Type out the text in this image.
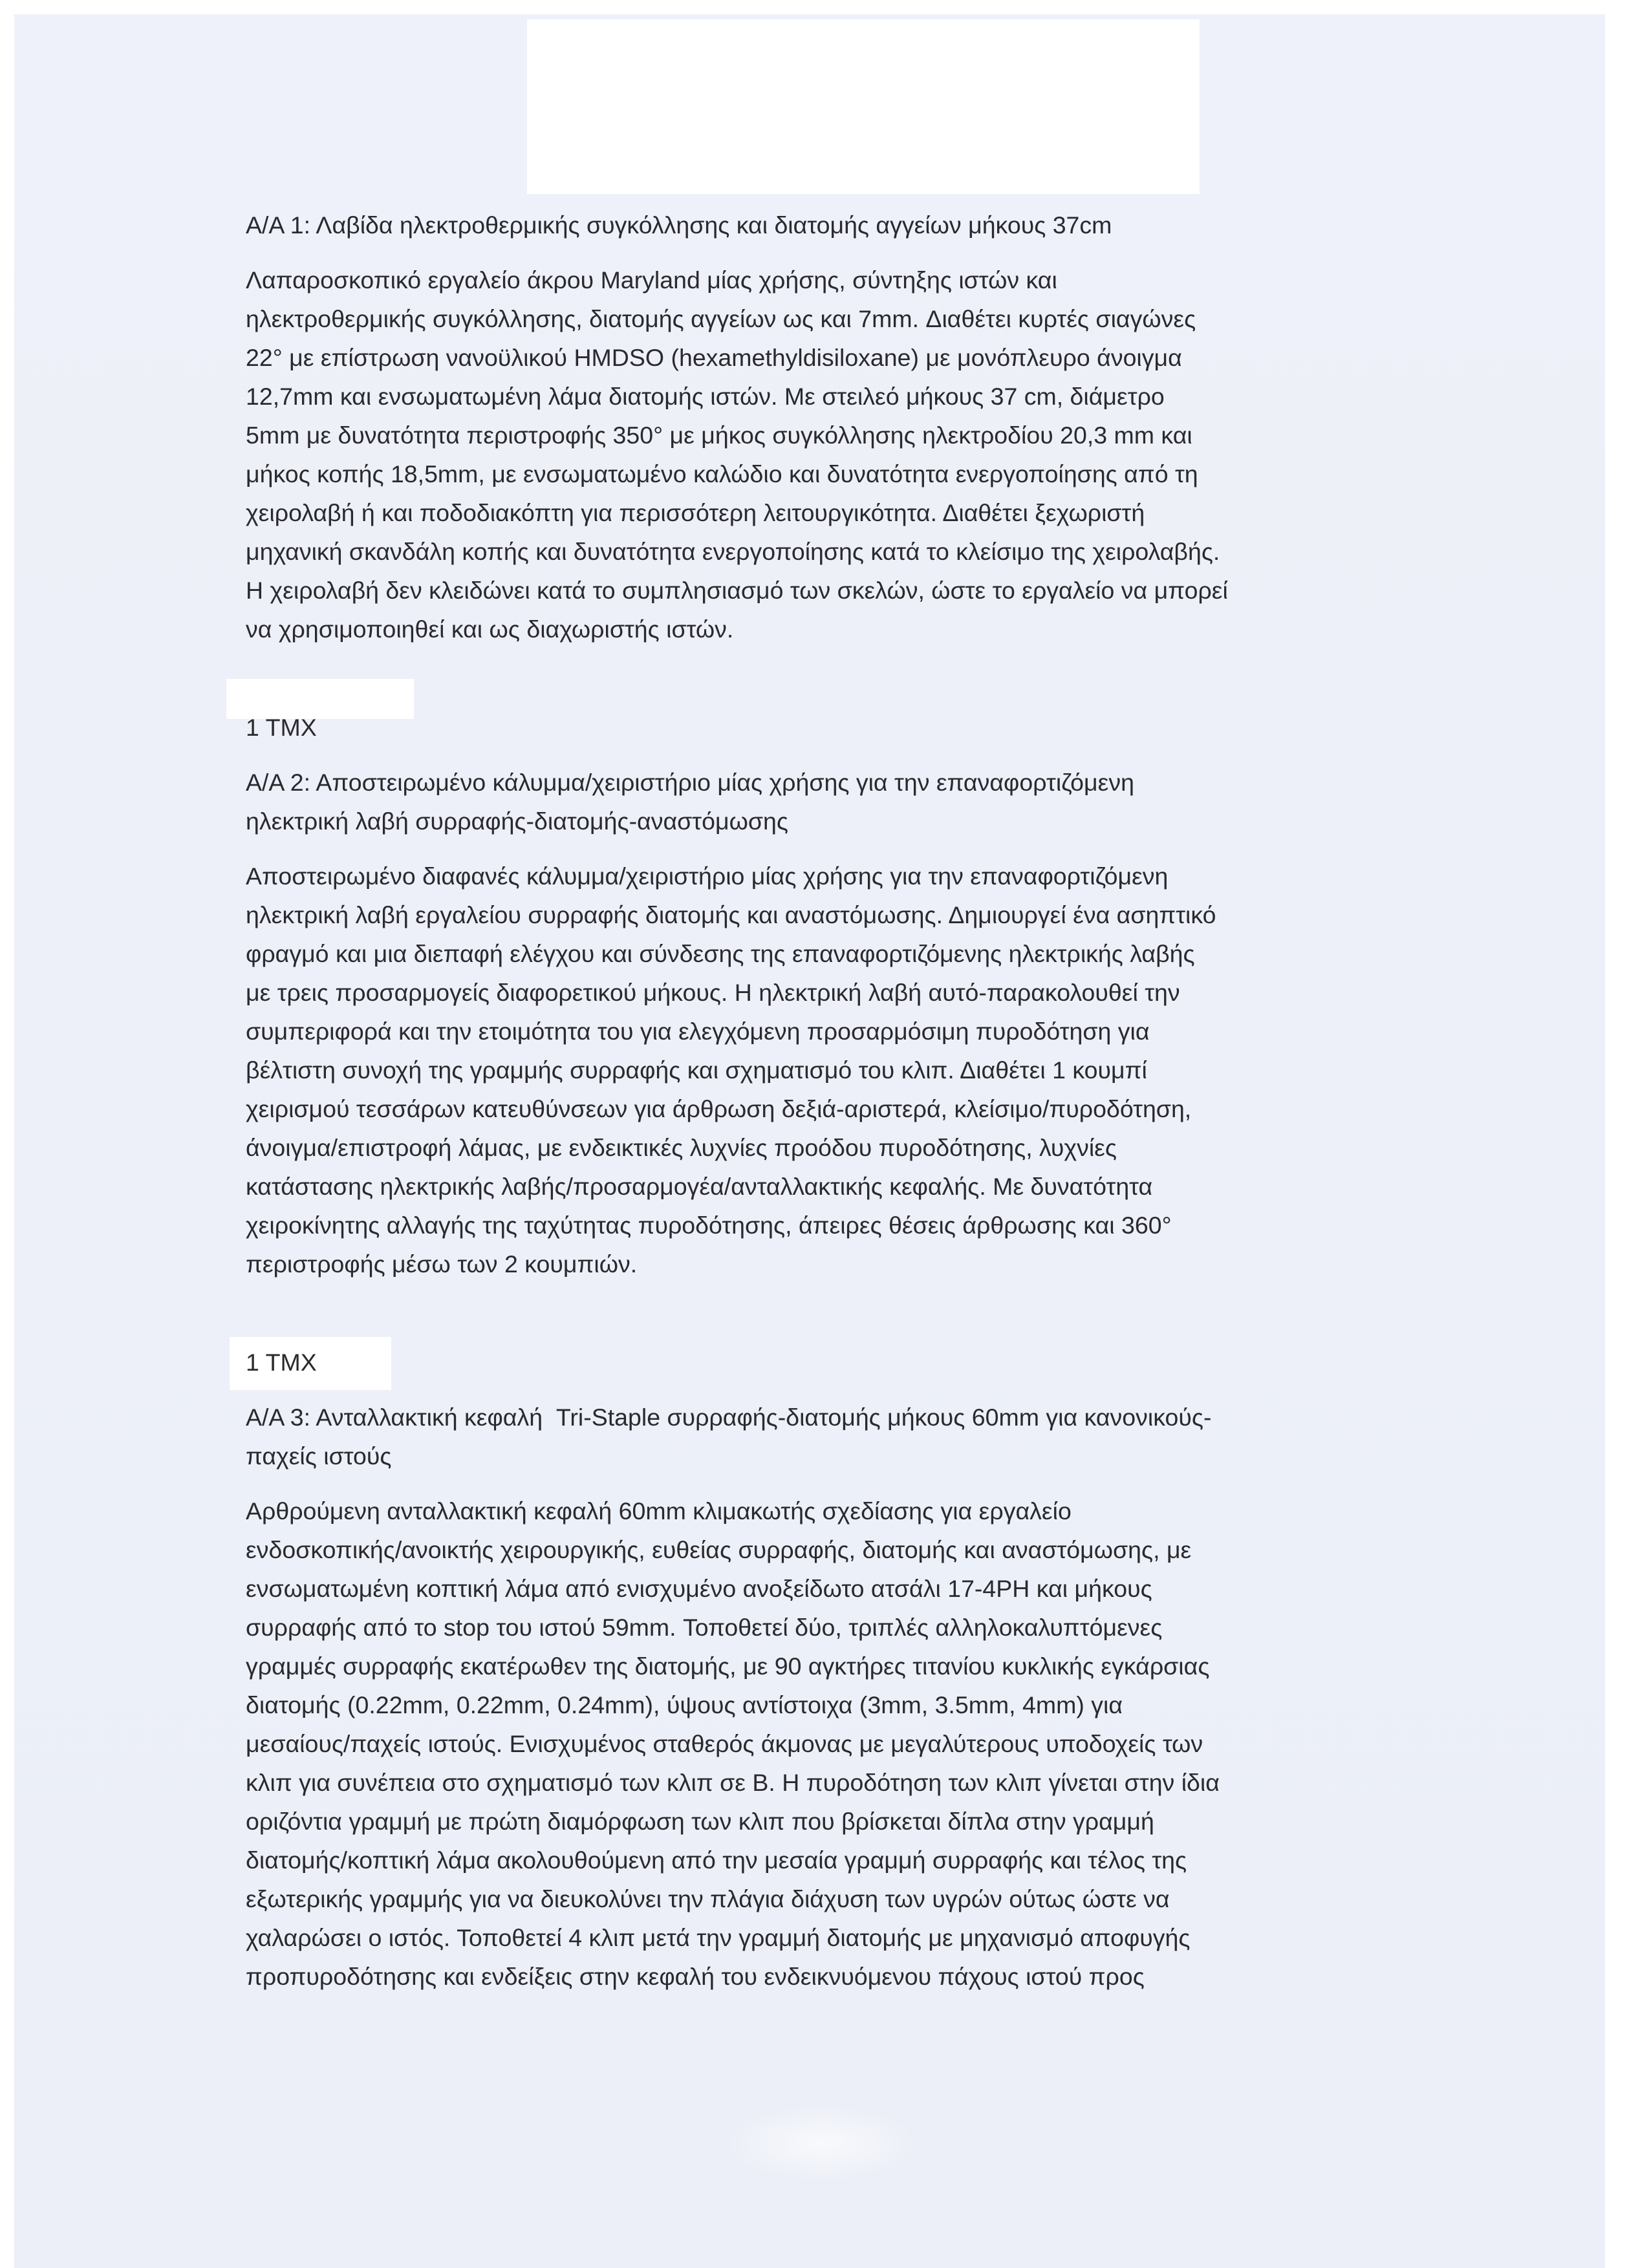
Α/Α 1: Λαβίδα ηλεκτροθερμικής συγκόλλησης και διατομής αγγείων μήκους 37cm

Λαπαροσκοπικό εργαλείο άκρου Maryland μίας χρήσης, σύντηξης ιστών και

ηλεκτροθερμικής συγκόλλησης, διατομής αγγείων ως και 7mm. Διαθέτει κυρτές σιαγώνες

22° με επίστρωση νανοϋλικού HMDSO (hexamethyldisiloxane) με μονόπλευρο άνοιγμα

12,7mm και ενσωματωμένη λάμα διατομής ιστών. Με στειλεό μήκους 37 cm, διάμετρο

5mm με δυνατότητα περιστροφής 350° με μήκος συγκόλλησης ηλεκτροδίου 20,3 mm και

μήκος κοπής 18,5mm, με ενσωματωμένο καλώδιο και δυνατότητα ενεργοποίησης από τη

χειρολαβή ή και ποδοδιακόπτη για περισσότερη λειτουργικότητα. Διαθέτει ξεχωριστή

μηχανική σκανδάλη κοπής και δυνατότητα ενεργοποίησης κατά το κλείσιμο της χειρολαβής.

Η χειρολαβή δεν κλειδώνει κατά το συμπλησιασμό των σκελών, ώστε το εργαλείο να μπορεί

να χρησιμοποιηθεί και ως διαχωριστής ιστών.

1 ΤΜΧ

Α/Α 2: Αποστειρωμένο κάλυμμα/χειριστήριο μίας χρήσης για την επαναφορτιζόμενη

ηλεκτρική λαβή συρραφής-διατομής-αναστόμωσης

Αποστειρωμένο διαφανές κάλυμμα/χειριστήριο μίας χρήσης για την επαναφορτιζόμενη

ηλεκτρική λαβή εργαλείου συρραφής διατομής και αναστόμωσης. Δημιουργεί ένα ασηπτικό

φραγμό και μια διεπαφή ελέγχου και σύνδεσης της επαναφορτιζόμενης ηλεκτρικής λαβής

με τρεις προσαρμογείς διαφορετικού μήκους. Η ηλεκτρική λαβή αυτό-παρακολουθεί την

συμπεριφορά και την ετοιμότητα του για ελεγχόμενη προσαρμόσιμη πυροδότηση για

βέλτιστη συνοχή της γραμμής συρραφής και σχηματισμό του κλιπ. Διαθέτει 1 κουμπί

χειρισμού τεσσάρων κατευθύνσεων για άρθρωση δεξιά-αριστερά, κλείσιμο/πυροδότηση,

άνοιγμα/επιστροφή λάμας, με ενδεικτικές λυχνίες προόδου πυροδότησης, λυχνίες

κατάστασης ηλεκτρικής λαβής/προσαρμογέα/ανταλλακτικής κεφαλής. Με δυνατότητα

χειροκίνητης αλλαγής της ταχύτητας πυροδότησης, άπειρες θέσεις άρθρωσης και 360°

περιστροφής μέσω των 2 κουμπιών.

1 ΤΜΧ

Α/Α 3: Ανταλλακτική κεφαλή  Tri-Staple συρραφής-διατομής μήκους 60mm για κανονικούς-

παχείς ιστούς

Αρθρούμενη ανταλλακτική κεφαλή 60mm κλιμακωτής σχεδίασης για εργαλείο

ενδοσκοπικής/ανοικτής χειρουργικής, ευθείας συρραφής, διατομής και αναστόμωσης, με

ενσωματωμένη κοπτική λάμα από ενισχυμένο ανοξείδωτο ατσάλι 17-4PH και μήκους

συρραφής από το stop του ιστού 59mm. Τοποθετεί δύο, τριπλές αλληλοκαλυπτόμενες

γραμμές συρραφής εκατέρωθεν της διατομής, με 90 αγκτήρες τιτανίου κυκλικής εγκάρσιας

διατομής (0.22mm, 0.22mm, 0.24mm), ύψους αντίστοιχα (3mm, 3.5mm, 4mm) για

μεσαίους/παχείς ιστούς. Ενισχυμένος σταθερός άκμονας με μεγαλύτερους υποδοχείς των

κλιπ για συνέπεια στο σχηματισμό των κλιπ σε Β. Η πυροδότηση των κλιπ γίνεται στην ίδια

οριζόντια γραμμή με πρώτη διαμόρφωση των κλιπ που βρίσκεται δίπλα στην γραμμή

διατομής/κοπτική λάμα ακολουθούμενη από την μεσαία γραμμή συρραφής και τέλος της

εξωτερικής γραμμής για να διευκολύνει την πλάγια διάχυση των υγρών ούτως ώστε να

χαλαρώσει ο ιστός. Τοποθετεί 4 κλιπ μετά την γραμμή διατομής με μηχανισμό αποφυγής

προπυροδότησης και ενδείξεις στην κεφαλή του ενδεικνυόμενου πάχους ιστού προς
